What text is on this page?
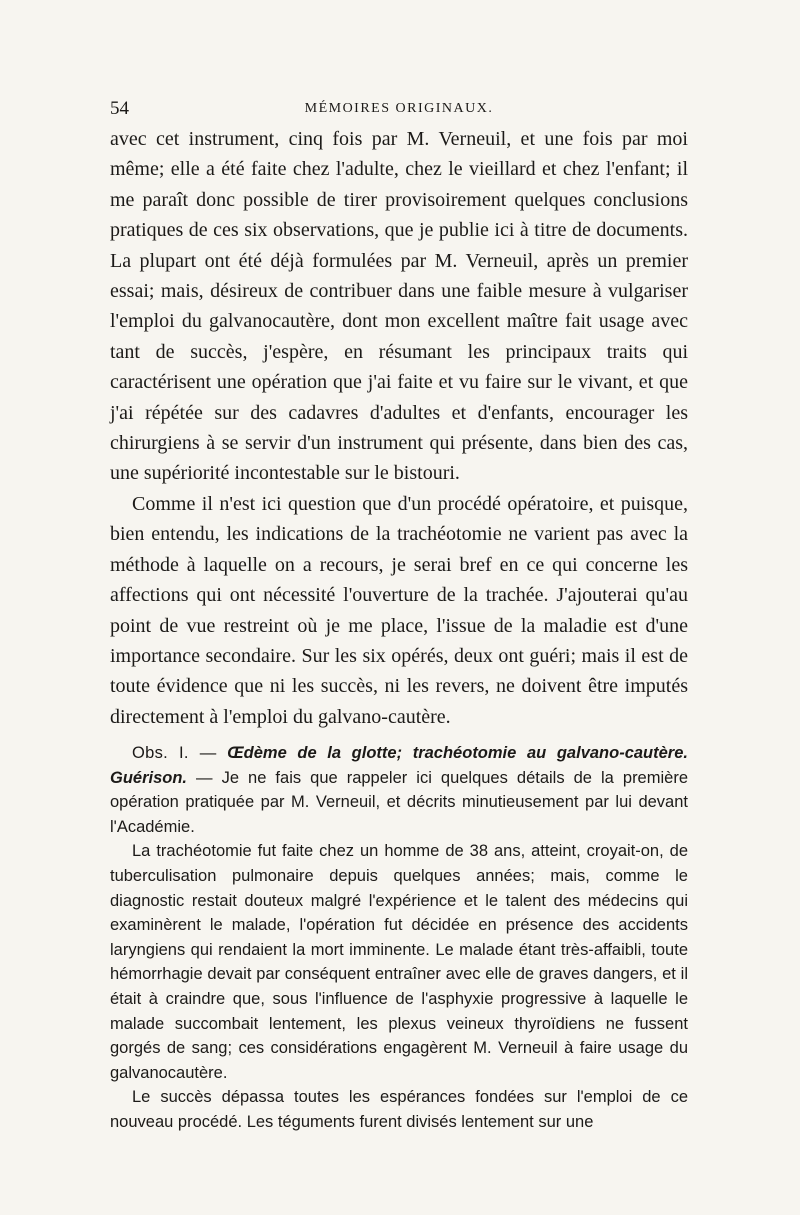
54	MÉMOIRES ORIGINAUX.

avec cet instrument, cinq fois par M. Verneuil, et une fois par moi même; elle a été faite chez l'adulte, chez le vieillard et chez l'enfant; il me paraît donc possible de tirer provisoirement quelques conclusions pratiques de ces six observations, que je publie ici à titre de documents. La plupart ont été déjà formulées par M. Verneuil, après un premier essai; mais, désireux de contribuer dans une faible mesure à vulgariser l'emploi du galvanocautère, dont mon excellent maître fait usage avec tant de succès, j'espère, en résumant les principaux traits qui caractérisent une opération que j'ai faite et vu faire sur le vivant, et que j'ai répétée sur des cadavres d'adultes et d'enfants, encourager les chirurgiens à se servir d'un instrument qui présente, dans bien des cas, une supériorité incontestable sur le bistouri.

Comme il n'est ici question que d'un procédé opératoire, et puisque, bien entendu, les indications de la trachéotomie ne varient pas avec la méthode à laquelle on a recours, je serai bref en ce qui concerne les affections qui ont nécessité l'ouverture de la trachée. J'ajouterai qu'au point de vue restreint où je me place, l'issue de la maladie est d'une importance secondaire. Sur les six opérés, deux ont guéri; mais il est de toute évidence que ni les succès, ni les revers, ne doivent être imputés directement à l'emploi du galvano-cautère.

Obs. I. — Œdème de la glotte; trachéotomie au galvano-cautère. Guérison. — Je ne fais que rappeler ici quelques détails de la première opération pratiquée par M. Verneuil, et décrits minutieusement par lui devant l'Académie.

La trachéotomie fut faite chez un homme de 38 ans, atteint, croyait-on, de tuberculisation pulmonaire depuis quelques années; mais, comme le diagnostic restait douteux malgré l'expérience et le talent des médecins qui examinèrent le malade, l'opération fut décidée en présence des accidents laryngiens qui rendaient la mort imminente. Le malade étant très-affaibli, toute hémorrhagie devait par conséquent entraîner avec elle de graves dangers, et il était à craindre que, sous l'influence de l'asphyxie progressive à laquelle le malade succombait lentement, les plexus veineux thyroïdiens ne fussent gorgés de sang; ces considérations engagèrent M. Verneuil à faire usage du galvanocautère.

Le succès dépassa toutes les espérances fondées sur l'emploi de ce nouveau procédé. Les téguments furent divisés lentement sur une
